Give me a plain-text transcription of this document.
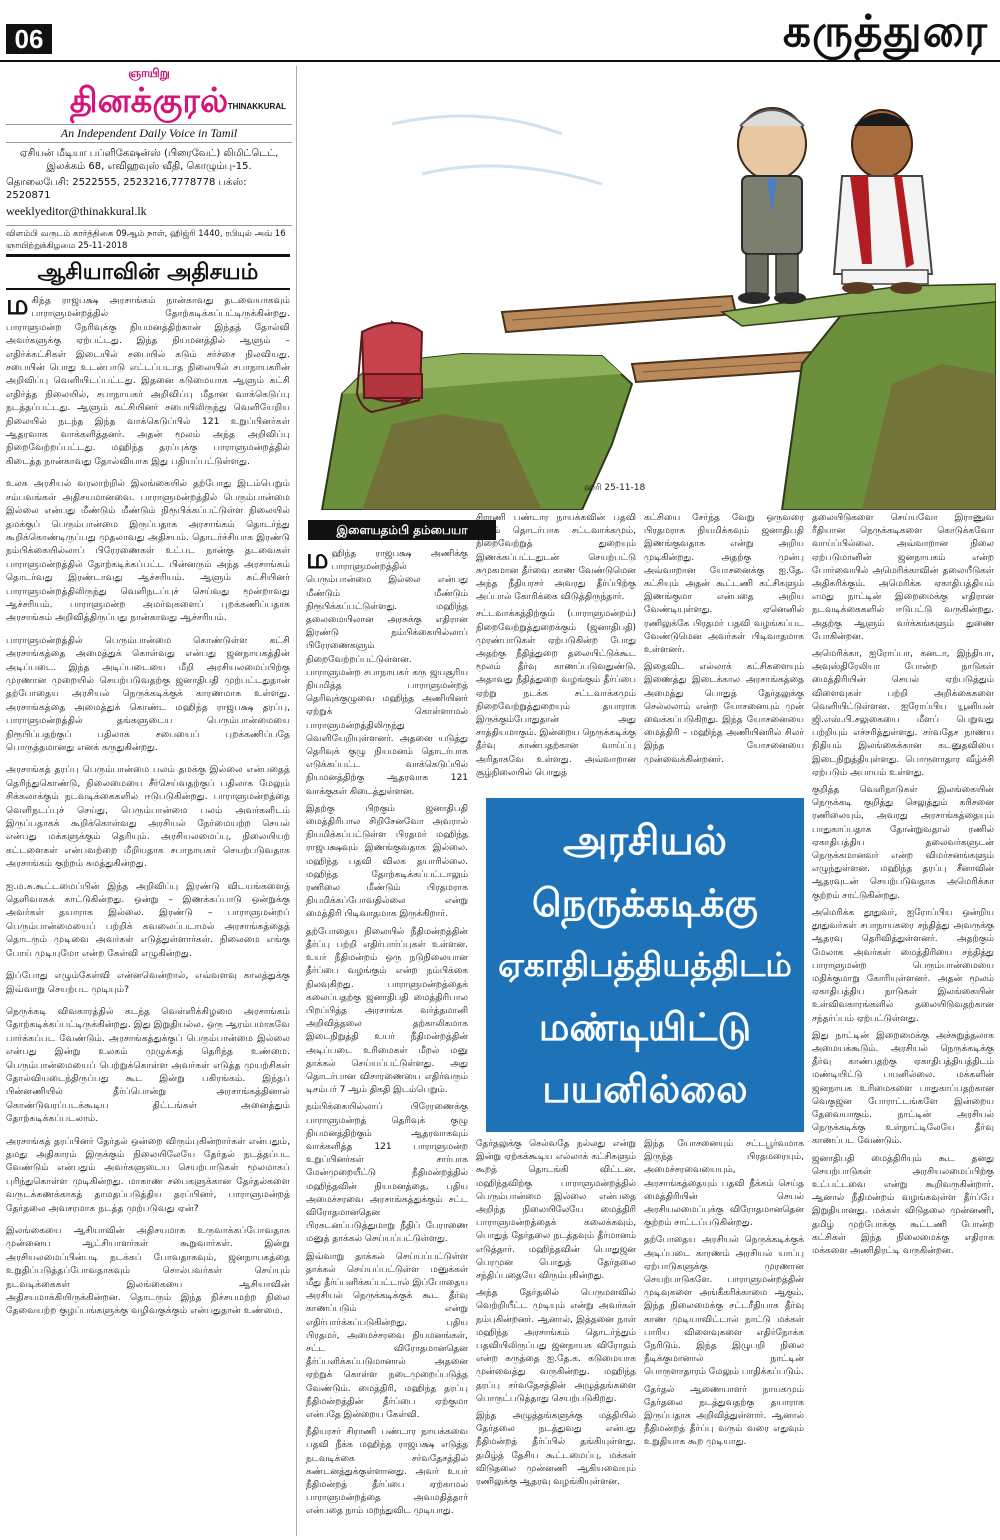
06	கருத்துரை
ஞாயிறு
தினக்குரல் THINAKKURAL
An Independent Daily Voice in Tamil
ஏசியன் மீடியா பப்ளிகேஷன்ஸ் (பிரைவேட்) லிமிட்டெட், இலக்கம் 68, எவிஹவுஸ் வீதி, கொழும்பு-15.
தொலைபேசி: 2522555, 2523216,7778778 பக்ஸ்: 2520871
weeklyeditor@thinakkural.lk
விளம்பி வருடம் கார்த்திகை 09ஆம் நாள், ஹிஜ்ரி 1440, ரபியுல் அவ் 16
ஞாயிற்றுக்கிழமை 25-11-2018
ஆசியாவின் அதிசயம்

மகிந்த ராஜபக்ஷ அரசாங்கம் நான்காவது தடவையாகவும் பாராளுமன்றத்தில் தோற்கடிக்கப்பட்டிருக்கின்றது. பாராளுமன்ற நேரிவுக்கு நியமனத்திற்கான் இந்தத் தோல்வி அவர்களுக்கு ஏற்பட்டது. இந்த நியமனத்தில் ஆளும் – எதிர்க்கட்சிகள் இடையில் சபையில் கடும் சர்ச்சை நிலவியது. சபையின் பொது உடன்பாடு எட்டப்படாத நிலையில் சபாநாயகரின் அறிவிப்பு வெளியிடப்பட்டது. இதனை கடுமையாக ஆளும் கட்சி எதிர்த்த நிலையில், சபாநாயகர் அறிவிப்பு மீதான வாக்கெடுப்பு நடத்தப்பட்டது. ஆளும் கட்சியினர் சபையிலிருந்து வெளியேறிய நிலையில் நடந்த இந்த வாக்கெடுப்பில் 121 உறுப்பினர்கள் ஆதரவாக வாக்களித்தனர். அதன் மூலம் அந்த அறிவிப்பு நிறைவேற்றப்பட்டது. மஹிந்த தரப்புக்கு பாராளுமன்றத்தில் கிடைத்த நான்காவது தோல்வியாக இது பதியப்பட்டுள்ளது.

உலக அரசியல் வரலாற்றில் இலங்கையில் தற்போது இடம்பெறும் சம்பவங்கள் அதிசயமானவை. பாராளுமன்றத்தில் பெரும்பான்மை இல்லை என்பது மீண்டும் மீண்டும் நிரூபிக்கப்பட்டுள்ள நிலையில் தமக்குப் பெரும்பான்மை இருப்பதாக அரசாங்கம் தொடர்ந்து கூறிக்கொண்டிருப்பது முதலாவது அதிசயம். தொடர்ச்சியாக இரண்டு நம்பிக்கையில்லாப் பிரேரணைகள் உட்பட நான்கு தடவைகள் பாராளுமன்றத்தில் தோற்கடிக்கப்பட்ட பின்னரும் அந்த அரசாங்கம் தொடர்வது இரண்டாவது ஆச்சரியம். ஆளும் கட்சியினர் பாராளுமன்றத்திலிருந்து வெளிநடப்புச் செய்வது மூன்றாவது ஆச்சரியம். பாராளுமன்ற அமர்வுகளைப் புறக்கணிப்பதாக அரசாங்கம் அறிவித்திருப்பது நான்காவது ஆச்சரியம்.

பாராளுமன்றத்தில் பெரும்பான்மை கொண்டுள்ள கட்சி அரசாங்கத்தை அமைத்துக் கொள்வது என்பது ஜனநாயகத்தின் அடிப்படை. இந்த அடிப்படையை மீறி அரசியலமைப்பிற்கு முரணான முறையில் செயற்படுவதற்கு ஜனாதிபதி முற்பட்டதுதான் தற்போதைய அரசியல் நெருக்கடிக்குக் காரணமாக உள்ளது. அரசாங்கத்தை அமைத்துக் கொண்ட மஹிந்த ராஜபக்ஷ தரப்பு, பாராளுமன்றத்தில் தங்களுடைய பெரும்பான்மையை நிரூபிப்பதற்குப் பதிலாக சபையைப் புறக்கணிப்பதே பொருத்தமானது எனக் கருதுகின்றது.

அரசாங்கத் தரப்பு பெரும்பான்மை பலம் தமக்கு இல்லை என்பதைத் தெரிந்துகொண்டு, நிலைமையை சீர்செய்வதற்குப் பதிலாக மேலும் சிக்கலாக்கும் நடவடிக்கைகளில் ஈடுபடுகின்றது. பாராளுமன்றத்தை வெளிநடப்புச் செய்து, பெரும்பான்மை பலம் அவர்களிடம் இருப்பதாகக் கூறிக்கொள்வது அரசியல் நேர்மையற்ற செயல் என்பது மக்களுக்கும் தெரியும். அரசியலமைப்பு, நிலையியற் கட்டளைகள் என்பவற்றை மீறியதாக சபாநாயகர் செயற்படுவதாக அரசாங்கம் குற்றம் சுமத்துகின்றது.

ஐ.ம.சு.கூட்டமைப்பின் இந்த அறிவிப்பு இரண்டு விடயங்களைத் தெளிவாகக் காட்டுகின்றது. ஒன்று – இணக்கப்பாடு ஒன்றுக்கு அவர்கள் தயாராக இல்லை. இரண்டு – பாராளுமன்றப் பெரும்பான்மையைப் பற்றிக் கவலைப்படாமல் அரசாங்கத்தைத் தொடரும் முடிவை அவர்கள் எடுத்துள்ளார்கள். நிலைமை எங்கு போய் முடியுமோ என்ற கேள்வி எழுகின்றது.

இப்போது எழும்கேள்வி என்னவென்றால், எவ்வளவு காலத்துக்கு இவ்வாறு செயற்பட முடியும்?

நெருக்கடி விவகாரத்தில் கடந்த வெள்ளிக்கிழமை அரசாங்கம் தோற்கடிக்கப்பட்டிருக்கின்றது. இது இறுதியல்ல. ஒரு ஆரம்பமாகவே பார்க்கப்பட வேண்டும். அரசாங்கத்துக்குப் பெரும்பான்மை இல்லை என்பது இன்று உலகம் முழுக்கத் தெரிந்த உண்மை. பெரும்பான்மையைப் பெற்றுக்கொள்ள அவர்கள் எடுத்த முயற்சிகள் தோல்வியடைந்திருப்பது கூட இன்று பகிரங்கம். இந்தப் பின்னணியில் தீர்ப்பொன்று அரசாங்கத்தினால் கொண்டுவரப்படக்கூடிய திட்டங்கள் அனைத்தும் தோற்கடிக்கப்படலாம்.

அரசாங்கத் தரப்பினர் தேர்தல் ஒன்றை விரும்புகின்றார்கள் என்பதும், தமது அதிகாரம் இருக்கும் நிலையிலேயே தேர்தல் நடத்தப்பட வேண்டும் என்பதும் அவர்களுடைய செயற்பாடுகள் மூலமாகப் புரிந்துகொள்ள முடிகின்றது. மாகாண சபைகளுக்கான தேர்தல்களை வருடக்கணக்காகத் தாமதப்படுத்திய தரப்பினர், பாராளுமன்றத் தேர்தலை அவசரமாக நடத்த முற்படுவது ஏன்?

இலங்கையை ஆசியாவின் அதிசயமாக உருவாக்கப்போவதாக முன்னைய ஆட்சியாளர்கள் கூறுவார்கள். இன்று அரசியலமைப்பின்படி நடக்கப் போவதாகவும், ஜனநாயகத்தை உறுதிப்படுத்தப்போவதாகவும் சொல்பவர்கள் செய்யும் நடவடிக்கைகள் இலங்கையை ஆசியாவின் அதிசயமாக்கியிருக்கின்றன. தொடரும் இந்த நிச்சயமற்ற நிலை தேவையற்ற குழப்பங்களுக்கு வழிவகுக்கும் என்பதுதான் உண்மை.

ஹரி 25-11-18
இளையதம்பி தம்பையா

மஹிந்த ராஜபக்ஷ அணிக்கு பாராளுமன்றத்தில் பெரும்பான்மை இல்லை என்பது மீண்டும் மீண்டும் நிரூபிக்கப்பட்டுள்ளது. மஹிந்த தலைமையிலான அரசுக்கு எதிரான இரண்டு நம்பிக்கையில்லாப் பிரேரணைகளும் நிறைவேற்றப்பட்டுள்ளன. பாராளுமன்ற சபாநாயகர் கரு ஜயசூரிய நியமித்த பாராளுமன்றத் தெரிவுக்குழுவை மஹிந்த அணியினர் ஏற்றுக் கொள்ளாமல் பாராளுமன்றத்திலிருந்து வெளியேறியுள்ளனர். அதனை யடுத்து தெரிவுக் குழு நியமனம் தொடர்பாக எடுக்கப்பட்ட வாக்கெடுப்பில் நியமனத்திற்கு ஆதரவாக 121 வாக்குகள் கிடைத்துள்ளன.

இதற்கு பிறகும் ஜனாதிபதி மைத்திரிபால சிறிசேனவோ அவரால் நியமிக்கப்பட்டுள்ள பிரதமர் மஹிந்த ராஜபக்ஷவும் இணங்குவதாக இல்லை. மஹிந்த பதவி விலக தயாரில்லை. மஹிந்த தோற்கடிக்கப்பட்டாலும் ரணிலை மீண்டும் பிரதமராக நியமிக்கப்போவதில்லை என்று மைத்திரி பிடிவாதமாக இருக்கிறார்.

தற்போதைய நிலையில் நீதிமன்றத்தின் தீர்ப்பு பற்றி எதிர்பார்ப்புகள் உள்ளன. உயர் நீதிமன்றம் ஒரு நடுநிலையான தீர்ப்பை வழங்கும் என்ற நம்பிக்கை நிலவுகிறது. பாராளுமன்றத்தைக் கலைப்பதற்கு ஜனாதிபதி மைத்திரிபால பிறப்பித்த அரசாங்க வர்த்தமானி அறிவித்தலை தற்காலிகமாக இடைநிறுத்தி உயர் நீதிமன்றத்தின் அடிப்படை உரிமைகள் மீறல் மனு தாக்கல் செய்யப்பட்டுள்ளது. அது தொடர்பான விசாரணையை எதிர்வரும் டிசம்பர் 7 ஆம் திகதி இடம்பெறும்.

நம்பிக்கையில்லாப் பிரேரணைக்கு பாராளுமன்றத் தெரிவுக் குழு நியமனத்திற்கும் ஆதரவாகவும் வாக்களித்த 121 பாராளுமன்ற உறுப்பினர்கள் சார்பாக மேன்முறையீட்டு நீதிமன்றத்தில் மஹிந்தவின் நியமனத்தை, புதிய அமைச்சரவை அரசாங்கத்துக்கும் சட்ட விரோதமானதென பிரகடனப்படுத்துமாறு நீதிப் பேராணை மனுத் தாக்கல் செய்யப்பட்டுள்ளது.

இவ்வாறு தாக்கல் செய்யப்பட்டுள்ள தாக்கல் செய்யப்பட்டுள்ள மனுக்கள் மீது தீர்ப்பளிக்கப்பட்டால் இப்போதைய அரசியல் நெருக்கடிக்குக் கூட தீர்வு காணப்படும் என்று எதிர்பார்க்கப்படுகின்றது. புதிய பிரதமர், அமைச்சரவை நியமனங்கள், சட்ட விரோதமானதென தீர்ப்பளிக்கப்படுமானால் அதனை ஏற்றுக் கொள்ள நடைமுறைப்படுத்த வேண்டும். மைத்திரி, மஹிந்த தரப்பு நீதிமன்றத்தின் தீர்ப்பை ஏற்குமா என்பதே இன்றைய கேள்வி.

நீதியரசர் சிராணி பண்டார நாயக்கவை பதவி நீக்க மஹிந்த ராஜபக்ஷ எடுத்த நடவடிக்கை சர்வதேசத்தில் கண்டனத்துக்குள்ளானது. அவர் உயர் நீதிமன்றத் தீர்ப்பை ஏற்காமல் பாராளுமன்றத்தை அவமதித்தார் என்பதை நாம் மறந்துவிட முடியாது.

சிராணி பண்டார நாயக்கவின் பதவி நீக்கம் தொடர்பாக சட்டவாக்கமும், நிறைவேற்றுத் துறையும் இணக்கப்பட்டதுடன் செயற்பட்டு சுமுகமான தீர்வை காண வேண்டுமென அந்த நீதியரசர் அவரது தீர்ப்பிற்கு அப்பால் கோரிக்கை விடுத்திருந்தார்.

சட்டவாக்கத்திற்கும் (பாராளுமன்றம்) நிறைவேற்றுத்துறைக்கும் (ஜனாதிபதி) முரண்பாடுகள் ஏற்படுகின்ற போது அதற்கு நீதித்துறை தலையிட்டுக்கூட மூலம் தீர்வு காணப்படுவதுண்டு. அதாவது நீதித்துறை வழங்கும் தீர்ப்பை ஏற்று நடக்க சட்டவாக்கமும் நிறைவேற்றுத்துறையும் தயாராக இருக்கும்போதுதான் அது சாத்தியமாகும். இன்றைய நெருக்கடிக்கு தீர்வு காண்பதற்கான வாய்ப்பு அரிதாகவே உள்ளது. அவ்வாறான சூழ்நிலையில் பொதுத்

கட்சியை சேர்ந்த வேறு ஒருவரை பிரதமராக நியமிக்கவும் ஜனாதிபதி இணங்குவதாக என்று அறிய முடிகின்றது. அதற்கு முன்பு அவ்வாறான யோசனைக்கு ஐ.தே. கட்சியும் அதன் கூட்டணி கட்சிகளும் இணங்குமா என்பதை அறிய வேண்டியுள்ளது. ஏனெனில் ரணிலுக்கே பிரதமர் பதவி வழங்கப்பட வேண்டுமென அவர்கள் பிடிவாதமாக உள்ளனர்.

இதைவிட எல்லாக் கட்சிகளையும் இணைத்து இடைக்கால அரசாங்கத்தை அமைத்து பொதுத் தேர்தலுக்கு செல்லலாம் என்ற யோசனையும் முன் வைக்கப்படுகிறது. இந்த யோசனையை மைத்திரி – மஹிந்த அணியினரில் சிலர் இந்த யோசனையை முன்வைக்கின்றனர்.

அரசியல்
நெருக்கடிக்கு
ஏகாதிபத்தியத்திடம்
மண்டியிட்டு
பயனில்லை

தேர்தலுக்கு செல்வதே நல்லது என்று இன்று ஏற்கக்கூடிய எல்லாக் கட்சிகளும் கூறத் தொடங்கி விட்டன. மஹிந்தவிற்கு பாராளுமன்றத்தில் பெரும்பான்மை இல்லை என்பதை அறிந்த நிலையிலேயே மைத்திரி பாராளுமன்றத்தைக் கலைக்கவும், பொதுத் தேர்தலை நடத்தவும் தீர்மானம் எடுத்தார். மஹிந்தவின் பொதுஜன பெரமுன பொதுத் தேர்தலை சந்திப்பதையே விரும்புகின்றது.

அந்த தேர்தலில் பெருமளவில் வெற்றியீட்ட முடியும் என்று அவர்கள் நம்புகின்றனர். ஆனால், இத்தனை நாள் மஹிந்த அரசாங்கம் தொடர்ந்தும் பதவியிலிருப்பது ஜனநாயக விரோதம் என்ற கருத்தை ஐ.தே.க. கடுமையாக முன்வைத்து வருகின்றது. மஹிந்த தரப்பு சர்வதேசத்தின் அழுத்தங்களை பொருட்படுத்தாது செயற்படுகிறது.

இந்த அழுத்தங்களுக்கு மத்தியில் தேர்தலை நடத்துவது என்பது நீதிமன்றத் தீர்ப்பில் தங்கியுள்ளது. தமிழ்த் தேசிய கூட்டமைப்பு, மக்கள் விடுதலை முன்னணி ஆகியவையும் ரணிலுக்கு ஆதரவு வழங்கியுள்ளன.

இந்த யோசனையும் சட்டபூர்வமாக இருந்த பிரதமரையும், அமைச்சரவையையும், அரசாங்கத்தையும் பதவி நீக்கம் செய்த மைத்திரியின் செயல் அரசியலமைப்புக்கு விரோதமானதென குற்றம் சாட்டப்படுகின்றது.

தற்போதைய அரசியல் நெருக்கடிக்குக் அடிப்படை காரணம் அரசியல் யாப்பு ஏற்பாடுகளுக்கு முரணான செயற்பாடுகளே. பாராளுமன்றத்தின் முடிவுகளை அங்கீகரிக்காமை ஆகும். இந்த நிலைமைக்கு சட்டரீதியாக தீர்வு காண முடியாவிட்டால் நாட்டு மக்கள் பாரிய விளைவுகளை எதிர்நோக்க நேரிடும். இந்த இழுபறி நிலை நீடிக்குமானால் நாட்டின் பொருளாதாரம் மேலும் பாதிக்கப்படும்.

தேர்தல் ஆணையாளர் நாயகமும் தேர்தலை நடத்துவதற்கு தயாராக இருப்பதாக அறிவித்துள்ளார். ஆனால் நீதிமன்றத் தீர்ப்பு வரும் வரை எதுவும் உறுதியாக கூற முடியாது.

தலையிடுகளை செய்யவோ இராணுவ ரீதியான நெருக்கடிகளை கொடுக்கவோ வாய்ப்பில்லை. அவ்வாறான நிலை ஏற்படுமானின் ஜனநாயகம் என்ற போர்வையில் அமெரிக்காவின் தலையீடுகள் அதிகரிக்கும். அமெரிக்க ஏகாதிபத்தியம் எமது நாட்டின் இறைமைக்கு எதிரான நடவடிக்கைகளில் ஈடுபட்டு வருகின்றது. அதற்கு ஆளும் வர்க்கங்களும் துணை போகின்றன.

அமெரிக்கா, ஐரோப்பா, கனடா, இந்தியா, அவுஸ்திரேலியா போன்ற நாடுகள் மைத்திரியின் செயல் ஏற்படுத்தும் விளைவுகள் பற்றி அறிக்கைகளை வெளியிட்டுள்ளன. ஐரோப்பிய யூனியன் ஜி.எஸ்.பி.சலுகையை மீளப் பெறுவது பற்றியும் எச்சரித்துள்ளது. சர்வதேச நாணய நிதியம் இலங்கைக்கான கடனுதவியை இடைநிறுத்தியுள்ளது. பொருளாதார வீழ்ச்சி ஏற்படும் அபாயம் உள்ளது.

குறித்த வெளிநாடுகள் இலங்கையின் நெருக்கடி குறித்து செலுத்தும் கரிசனை ரணிலையும், அவரது அரசாங்கத்தையும் பாதுகாப்பதாக தோன்றுவதால் ரணில் ஏகாதிபத்திய தலைவர்களுடன் நெருக்கமானவர் என்ற விமர்சனங்களும் எழுந்துள்ளன. மஹிந்த தரப்பு சீனாவின் ஆதரவுடன் செயற்படுவதாக அமெரிக்கா குற்றம் சாட்டுகின்றது.

அமெரிக்க தூதுவர், ஐரோப்பிய ஒன்றிய தூதுவர்கள் சபாநாயகரை சந்தித்து அவருக்கு ஆதரவு தெரிவித்துள்ளனர். அதற்கும் மேலாக அவர்கள் மைத்திரியை சந்தித்து பாராளுமன்ற பெரும்பான்மையை மதிக்குமாறு கோரியுள்ளனர். அதன் மூலம் ஏகாதிபத்திய நாடுகள் இலங்கையின் உள்விவகாரங்களில் தலையிடுவதற்கான சந்தர்ப்பம் ஏற்பட்டுள்ளது.

இது நாட்டின் இறைமைக்கு அச்சுறுத்தலாக அமையக்கூடும். அரசியல் நெருக்கடிக்கு தீர்வு காண்பதற்கு ஏகாதிபத்தியத்திடம் மண்டியிட்டு பயனில்லை. மக்களின் ஜனநாயக உரிமைகளை பாதுகாப்பதற்கான வெகுஜன போராட்டங்களே இன்றைய தேவையாகும். நாட்டின் அரசியல் நெருக்கடிக்கு உள்நாட்டிலேயே தீர்வு காணப்பட வேண்டும்.

ஜனாதிபதி மைத்திரியும் கூட தனது செயற்பாடுகள் அரசியலமைப்பிற்கு உட்பட்டவை என்று கூறிவருகின்றார். ஆனால் நீதிமன்றம் வழங்கவுள்ள தீர்ப்பே இறுதியானது. மக்கள் விடுதலை முன்னணி, தமிழ் முற்போக்கு கூட்டணி போன்ற கட்சிகள் இந்த நிலைமைக்கு எதிராக மக்களை அணிதிரட்டி வருகின்றன.
